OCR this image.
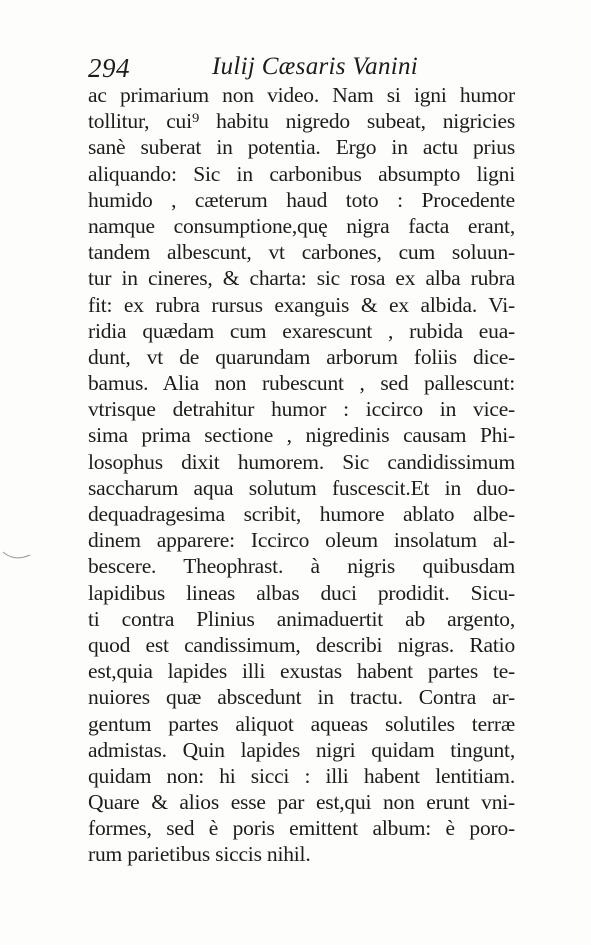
294	Iulij Cæsaris Vanini
ac primarium non video. Nam si igni humor
tollitur, cui⁹ habitu nigredo subeat, nigricies
sanè suberat in potentia. Ergo in actu prius
aliquando: Sic in carbonibus absumpto ligni
humido , cæterum haud toto : Procedente
namque consumptione,quę nigra facta erant,
tandem albescunt, vt carbones, cum soluun-
tur in cineres, & charta: sic rosa ex alba rubra
fit: ex rubra rursus exanguis & ex albida. Vi-
ridia quædam cum exarescunt , rubida eua-
dunt, vt de quarundam arborum foliis dice-
bamus. Alia non rubescunt , sed pallescunt:
vtrisque detrahitur humor : iccirco in vice-
sima prima sectione , nigredinis causam Phi-
losophus dixit humorem. Sic candidissimum
saccharum aqua solutum fuscescit.Et in duo-
dequadragesima scribit, humore ablato albe-
dinem apparere: Iccirco oleum insolatum al-
bescere. Theophrast. à nigris quibusdam
lapidibus lineas albas duci prodidit. Sicu-
ti contra Plinius animaduertit ab argento,
quod est candissimum, describi nigras. Ratio
est,quia lapides illi exustas habent partes te-
nuiores quæ abscedunt in tractu. Contra ar-
gentum partes aliquot aqueas solutiles terræ
admistas. Quin lapides nigri quidam tingunt,
quidam non: hi sicci : illi habent lentitiam.
Quare & alios esse par est,qui non erunt vni-
formes, sed è poris emittent album: è poro-
rum parietibus siccis nihil.
